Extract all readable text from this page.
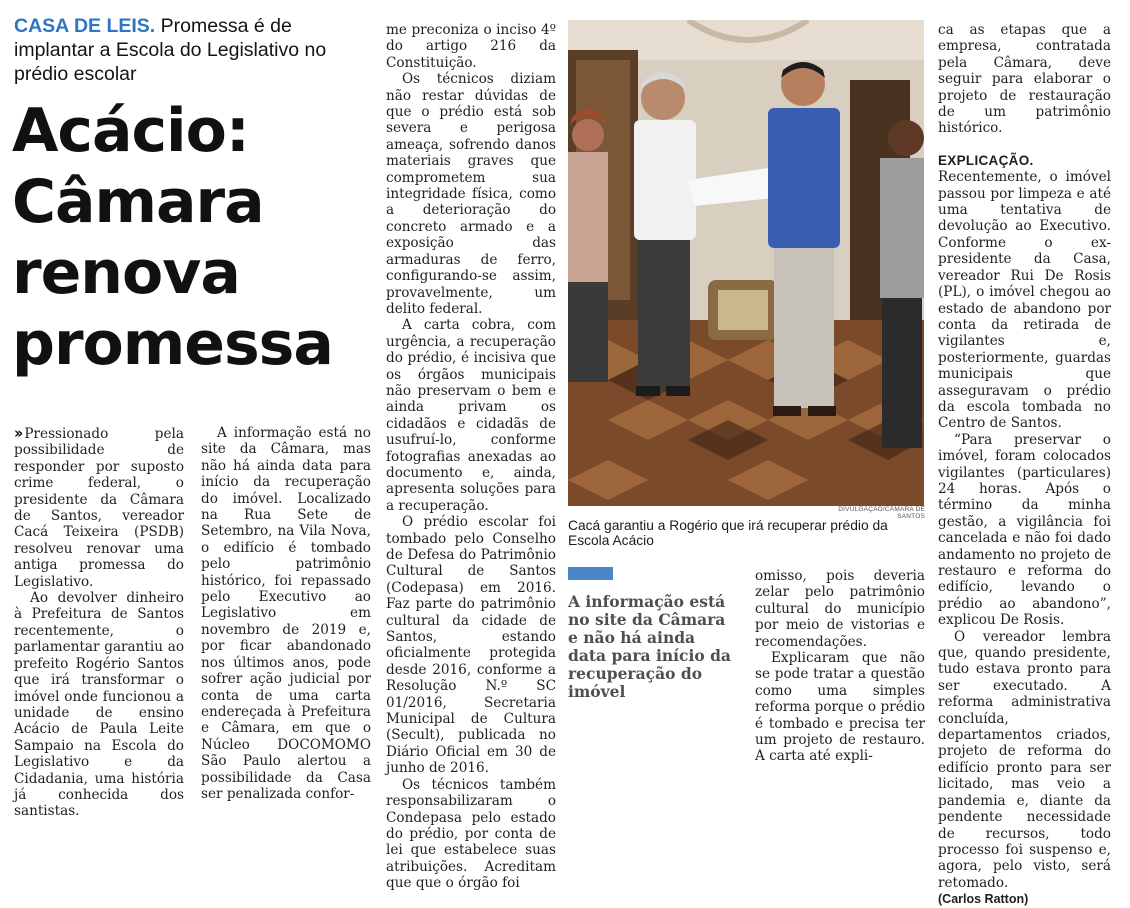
CASA DE LEIS. Promessa é de implantar a Escola do Legislativo no prédio escolar
Acácio:
Câmara
renova
promessa

›› Pressionado pela possibilidade de responder por suposto crime federal, o presidente da Câmara de Santos, vereador Cacá Teixeira (PSDB) resolveu renovar uma antiga promessa do Legislativo.

Ao devolver dinheiro à Prefeitura de Santos recentemente, o parlamentar garantiu ao prefeito Rogério Santos que irá transformar o imóvel onde funcionou a unidade de ensino Acácio de Paula Leite Sampaio na Escola do Legislativo e da Cidadania, uma história já conhecida dos santistas.

A informação está no site da Câmara, mas não há ainda data para início da recuperação do imóvel. Localizado na Rua Sete de Setembro, na Vila Nova, o edifício é tombado pelo patrimônio histórico, foi repassado pelo Executivo ao Legislativo em novembro de 2019 e, por ficar abandonado nos últimos anos, pode sofrer ação judicial por conta de uma carta endereçada à Prefeitura e Câmara, em que o Núcleo DOCOMOMO São Paulo alertou a possibilidade da Casa ser penalizada confor-

me preconiza o inciso 4º do artigo 216 da Constituição.

Os técnicos diziam não restar dúvidas de que o prédio está sob severa e perigosa ameaça, sofrendo danos materiais graves que comprometem sua integridade física, como a deterioração do concreto armado e a exposição das armaduras de ferro, configurando-se assim, provavelmente, um delito federal.

A carta cobra, com urgência, a recuperação do prédio, é incisiva que os órgãos municipais não preservam o bem e ainda privam os cidadãos e cidadãs de usufruí-lo, conforme fotografias anexadas ao documento e, ainda, apresenta soluções para a recuperação.

O prédio escolar foi tombado pelo Conselho de Defesa do Patrimônio Cultural de Santos (Codepasa) em 2016. Faz parte do patrimônio cultural da cidade de Santos, estando oficialmente protegida desde 2016, conforme a Resolução N.º SC 01/2016, Secretaria Municipal de Cultura (Secult), publicada no Diário Oficial em 30 de junho de 2016.

Os técnicos também responsabilizaram o Condepasa pelo estado do prédio, por conta de lei que estabelece suas atribuições. Acreditam que que o órgão foi

DIVULGAÇÃO/CÂMARA DE SANTOS
Cacá garantiu a Rogério que irá recuperar prédio da Escola Acácio
A informação está no site da Câmara e não há ainda data para início da recuperação do imóvel

omisso, pois deveria zelar pelo patrimônio cultural do município por meio de vistorias e recomendações.

Explicaram que não se pode tratar a questão como uma simples reforma porque o prédio é tombado e precisa ter um projeto de restauro. A carta até expli-

ca as etapas que a empresa, contratada pela Câmara, deve seguir para elaborar o projeto de restauração de um patrimônio histórico.

EXPLICAÇÃO.

Recentemente, o imóvel passou por limpeza e até uma tentativa de devolução ao Executivo. Conforme o ex-presidente da Casa, vereador Rui De Rosis (PL), o imóvel chegou ao estado de abandono por conta da retirada de vigilantes e, posteriormente, guardas municipais que asseguravam o prédio da escola tombada no Centro de Santos.

“Para preservar o imóvel, foram colocados vigilantes (particulares) 24 horas. Após o término da minha gestão, a vigilância foi cancelada e não foi dado andamento no projeto de restauro e reforma do edifício, levando o prédio ao abandono”, explicou De Rosis.

O vereador lembra que, quando presidente, tudo estava pronto para ser executado. A reforma administrativa concluída, departamentos criados, projeto de reforma do edifício pronto para ser licitado, mas veio a pandemia e, diante da pendente necessidade de recursos, todo processo foi suspenso e, agora, pelo visto, será retomado.

(Carlos Ratton)
